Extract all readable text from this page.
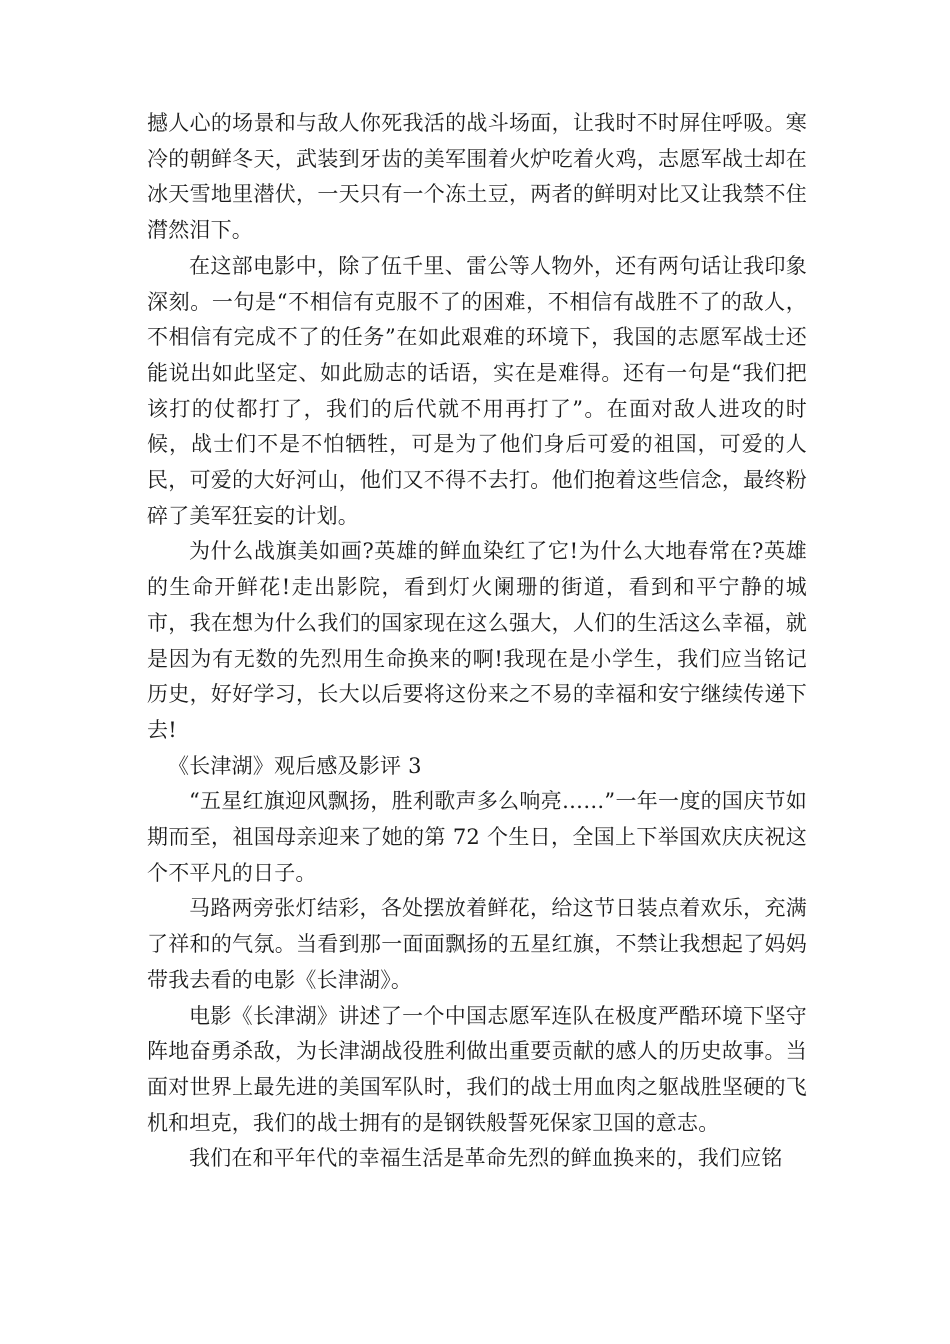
撼人心的场景和与敌人你死我活的战斗场面，让我时不时屏住呼吸。寒冷的朝鲜冬天，武装到牙齿的美军围着火炉吃着火鸡，志愿军战士却在冰天雪地里潜伏，一天只有一个冻土豆，两者的鲜明对比又让我禁不住潸然泪下。

在这部电影中，除了伍千里、雷公等人物外，还有两句话让我印象深刻。一句是“不相信有克服不了的困难，不相信有战胜不了的敌人，不相信有完成不了的任务”在如此艰难的环境下，我国的志愿军战士还能说出如此坚定、如此励志的话语，实在是难得。还有一句是“我们把该打的仗都打了，我们的后代就不用再打了”。在面对敌人进攻的时候，战士们不是不怕牺牲，可是为了他们身后可爱的祖国，可爱的人民，可爱的大好河山，他们又不得不去打。他们抱着这些信念，最终粉碎了美军狂妄的计划。

为什么战旗美如画?英雄的鲜血染红了它!为什么大地春常在?英雄的生命开鲜花!走出影院，看到灯火阑珊的街道，看到和平宁静的城市，我在想为什么我们的国家现在这么强大，人们的生活这么幸福，就是因为有无数的先烈用生命换来的啊!我现在是小学生，我们应当铭记历史，好好学习，长大以后要将这份来之不易的幸福和安宁继续传递下去!

《长津湖》观后感及影评 3

“五星红旗迎风飘扬，胜利歌声多么响亮……”一年一度的国庆节如期而至，祖国母亲迎来了她的第 72 个生日，全国上下举国欢庆庆祝这个不平凡的日子。

马路两旁张灯结彩，各处摆放着鲜花，给这节日装点着欢乐，充满了祥和的气氛。当看到那一面面飘扬的五星红旗，不禁让我想起了妈妈带我去看的电影《长津湖》。

电影《长津湖》讲述了一个中国志愿军连队在极度严酷环境下坚守阵地奋勇杀敌，为长津湖战役胜利做出重要贡献的感人的历史故事。当面对世界上最先进的美国军队时，我们的战士用血肉之躯战胜坚硬的飞机和坦克，我们的战士拥有的是钢铁般誓死保家卫国的意志。

我们在和平年代的幸福生活是革命先烈的鲜血换来的，我们应铭
